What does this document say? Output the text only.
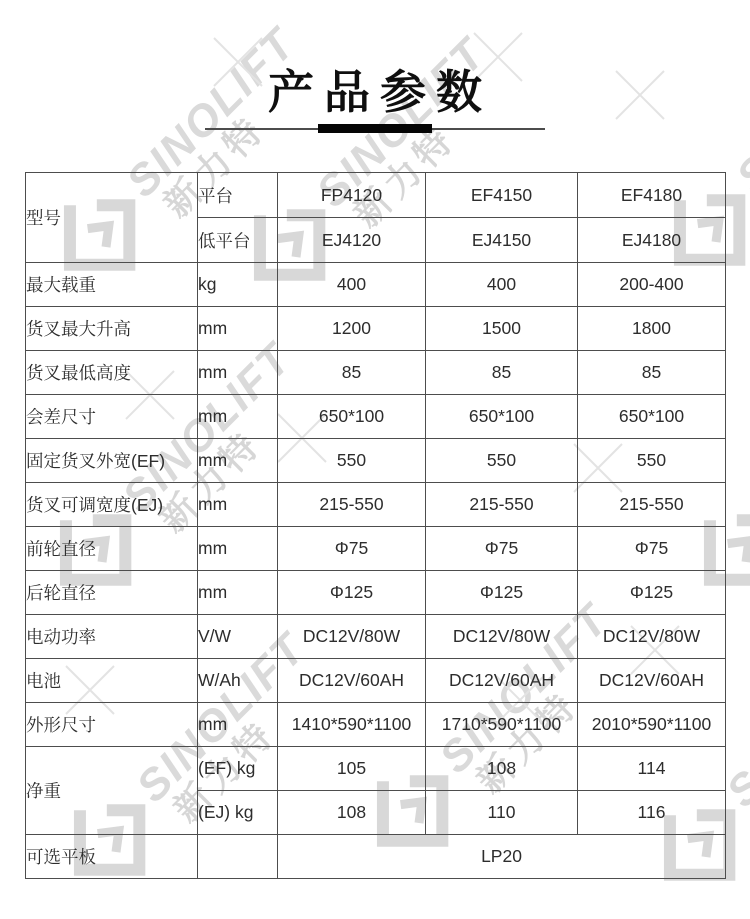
产品参数
型号	平台	FP4120	EF4150	EF4180
	低平台	EJ4120	EJ4150	EJ4180
最大载重	kg	400	400	200-400
货叉最大升高	mm	1200	1500	1800
货叉最低高度	mm	85	85	85
会差尺寸	mm	650*100	650*100	650*100
固定货叉外宽(EF)	mm	550	550	550
货叉可调宽度(EJ)	mm	215-550	215-550	215-550
前轮直径	mm	Φ75	Φ75	Φ75
后轮直径	mm	Φ125	Φ125	Φ125
电动功率	V/W	DC12V/80W	DC12V/80W	DC12V/80W
电池	W/Ah	DC12V/60AH	DC12V/60AH	DC12V/60AH
外形尺寸	mm	1410*590*1100	1710*590*1100	2010*590*1100
净重	(EF) kg	105	108	114
	(EJ) kg	108	110	116
可选平板		LP20		
